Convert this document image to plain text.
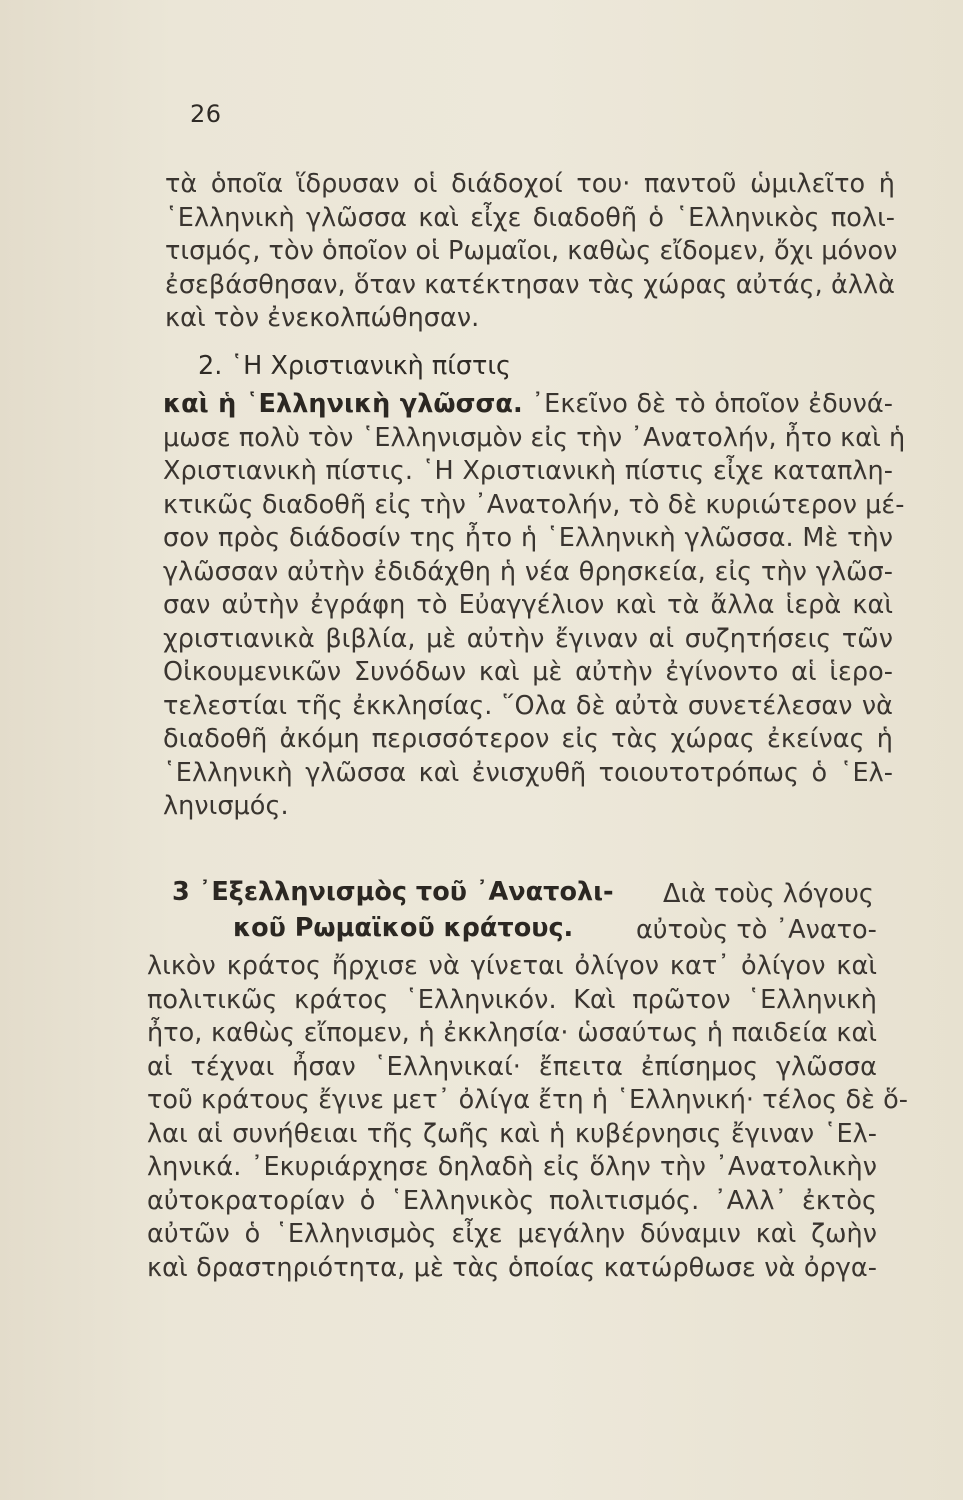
26
τὰ ὁποῖα ἵδρυσαν οἱ διάδοχοί του· παντοῦ ὡμιλεῖτο ἡ
῾Ελληνικὴ γλῶσσα καὶ εἶχε διαδοθῆ ὁ ῾Ελληνικὸς πολι-
τισμός, τὸν ὁποῖον οἱ Ρωμαῖοι, καθὼς εἴδομεν, ὄχι μόνον
ἐσεβάσθησαν, ὅταν κατέκτησαν τὰς χώρας αὐτάς, ἀλλὰ
καὶ τὸν ἐνεκολπώθησαν.
2. ῾Η Χριστιανικὴ πίστις
καὶ ἡ ῾Ελληνικὴ γλῶσσα. ᾿Εκεῖνο δὲ τὸ ὁποῖον ἐδυνά-
μωσε πολὺ τὸν ῾Ελληνισμὸν εἰς τὴν ᾿Ανατολήν, ἦτο καὶ ἡ
Χριστιανικὴ πίστις. ῾Η Χριστιανικὴ πίστις εἶχε καταπλη-
κτικῶς διαδοθῆ εἰς τὴν ᾿Ανατολήν, τὸ δὲ κυριώτερον μέ-
σον πρὸς διάδοσίν της ἦτο ἡ ῾Ελληνικὴ γλῶσσα. Μὲ τὴν
γλῶσσαν αὐτὴν ἐδιδάχθη ἡ νέα θρησκεία, εἰς τὴν γλῶσ-
σαν αὐτὴν ἐγράφη τὸ Εὐαγγέλιον καὶ τὰ ἄλλα ἱερὰ καὶ
χριστιανικὰ βιβλία, μὲ αὐτὴν ἔγιναν αἱ συζητήσεις τῶν
Οἰκουμενικῶν Συνόδων καὶ μὲ αὐτὴν ἐγίνοντο αἱ ἱερο-
τελεστίαι τῆς ἐκκλησίας. ῞Ολα δὲ αὐτὰ συνετέλεσαν νὰ
διαδοθῆ ἀκόμη περισσότερον εἰς τὰς χώρας ἐκείνας ἡ
῾Ελληνικὴ γλῶσσα καὶ ἐνισχυθῆ τοιουτοτρόπως ὁ ῾Ελ-
ληνισμός.
3 ᾿Εξελληνισμὸς τοῦ ᾿Ανατολι-
κοῦ Ρωμαϊκοῦ κράτους.
Διὰ τοὺς λόγους
αὐτοὺς τὸ ᾿Ανατο-
λικὸν κράτος ἤρχισε νὰ γίνεται ὀλίγον κατ᾿ ὀλίγον καὶ
πολιτικῶς κράτος ῾Ελληνικόν. Καὶ πρῶτον ῾Ελληνικὴ
ἦτο, καθὼς εἴπομεν, ἡ ἐκκλησία· ὡσαύτως ἡ παιδεία καὶ
αἱ τέχναι ἦσαν ῾Ελληνικαί· ἔπειτα ἐπίσημος γλῶσσα
τοῦ κράτους ἔγινε μετ᾿ ὀλίγα ἔτη ἡ ῾Ελληνική· τέλος δὲ ὅ-
λαι αἱ συνήθειαι τῆς ζωῆς καὶ ἡ κυβέρνησις ἔγιναν ῾Ελ-
ληνικά. ᾿Εκυριάρχησε δηλαδὴ εἰς ὅλην τὴν ᾿Ανατολικὴν
αὐτοκρατορίαν ὁ ῾Ελληνικὸς πολιτισμός. ᾿Αλλ᾿ ἐκτὸς
αὐτῶν ὁ ῾Ελληνισμὸς εἶχε μεγάλην δύναμιν καὶ ζωὴν
καὶ δραστηριότητα, μὲ τὰς ὁποίας κατώρθωσε νὰ ὀργα-
